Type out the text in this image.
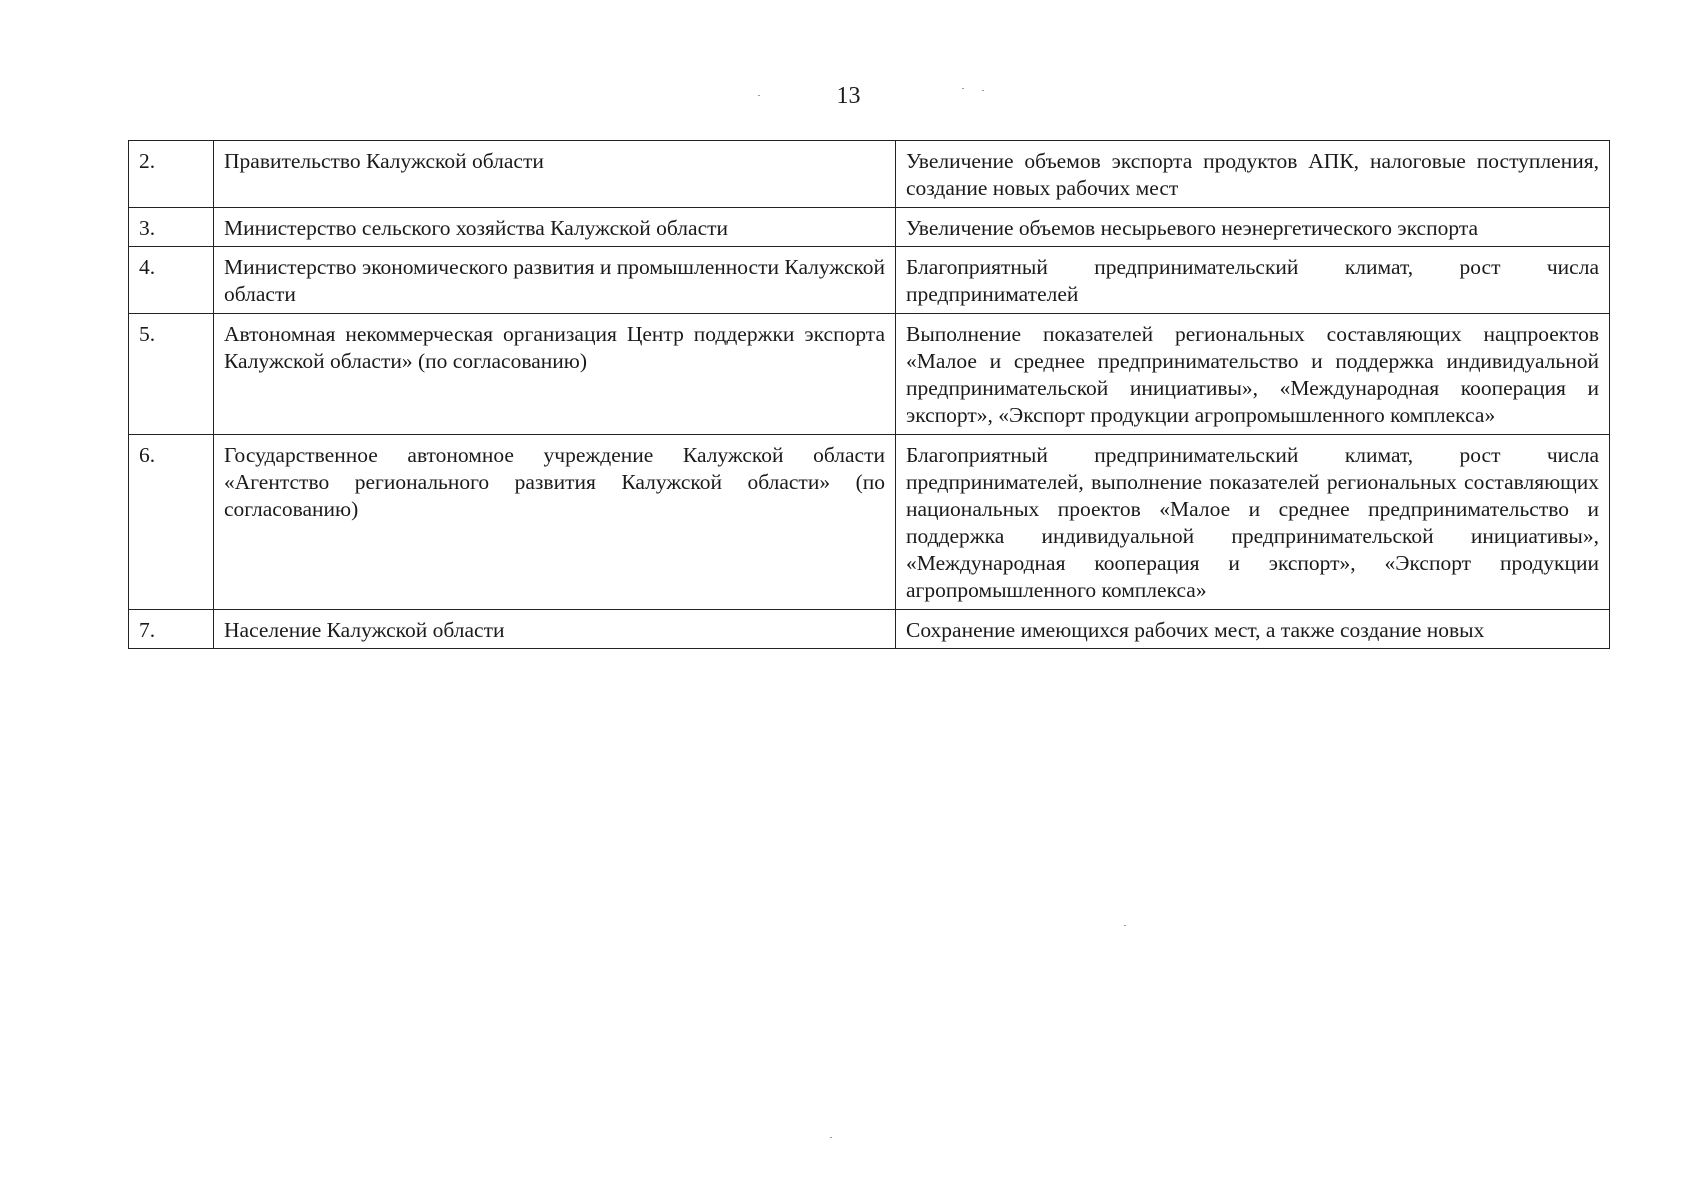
13
2.	Правительство Калужской области	Увеличение объемов экспорта продуктов АПК, налоговые поступления, создание новых рабочих мест
3.	Министерство сельского хозяйства Калужской области	Увеличение объемов несырьевого неэнергетического экспорта
4.	Министерство экономического развития и промышленности Калужской области	Благоприятный предпринимательский климат, рост числа предпринимателей
5.	Автономная некоммерческая организация Центр поддержки экспорта Калужской области» (по согласованию)	Выполнение показателей региональных составляющих нацпроектов «Малое и среднее предпринимательство и поддержка индивидуальной предпринимательской инициативы», «Международная кооперация и экспорт», «Экспорт продукции агропромышленного комплекса»
6.	Государственное автономное учреждение Калужской области «Агентство регионального развития Калужской области» (по согласованию)	Благоприятный предпринимательский климат, рост числа предпринимателей, выполнение показателей региональных составляющих национальных проектов «Малое и среднее предпринимательство и поддержка индивидуальной предпринимательской инициативы», «Международная кооперация и экспорт», «Экспорт продукции агропромышленного комплекса»
7.	Население Калужской области	Сохранение имеющихся рабочих мест, а также создание новых
